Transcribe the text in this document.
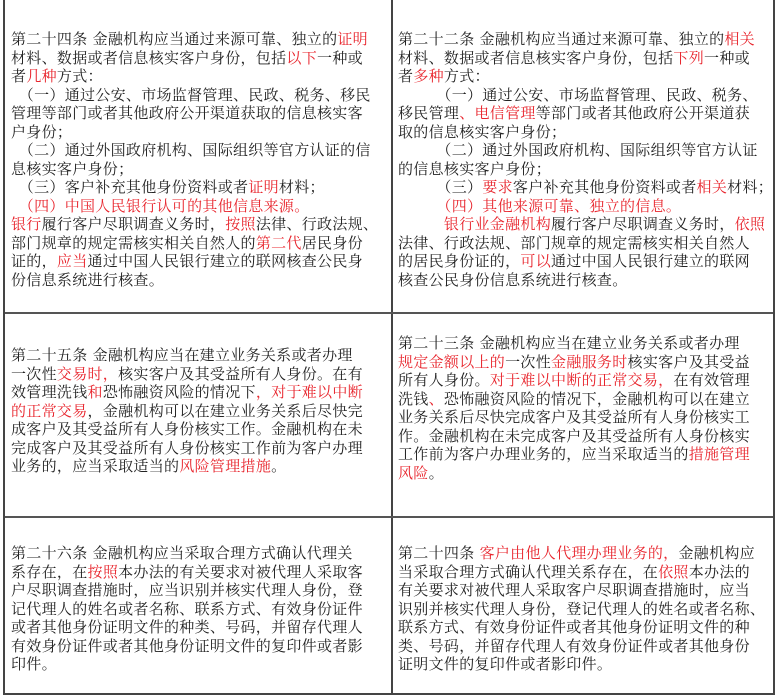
第二十四条 金融机构应当通过来源可靠、独立的证明
材料、数据或者信息核实客户身份，包括以下一种或
者几种方式：
　（一）通过公安、市场监督管理、民政、税务、移民
管理等部门或者其他政府公开渠道获取的信息核实客
户身份；
　（二）通过外国政府机构、国际组织等官方认证的信
息核实客户身份；
　（三）客户补充其他身份资料或者证明材料；
　（四）中国人民银行认可的其他信息来源。
银行履行客户尽职调查义务时，按照法律、行政法规、
部门规章的规定需核实相关自然人的第二代居民身份
证的，应当通过中国人民银行建立的联网核查公民身
份信息系统进行核查。
第二十二条 金融机构应当通过来源可靠、独立的相关
材料、数据或者信息核实客户身份，包括下列一种或
者多种方式：
　　　（一）通过公安、市场监督管理、民政、税务、
移民管理、电信管理等部门或者其他政府公开渠道获
取的信息核实客户身份；
　　　（二）通过外国政府机构、国际组织等官方认证
的信息核实客户身份；
　　　（三）要求客户补充其他身份资料或者相关材料；
　　　（四）其他来源可靠、独立的信息。
　　　银行业金融机构履行客户尽职调查义务时，依照
法律、行政法规、部门规章的规定需核实相关自然人
的居民身份证的，可以通过中国人民银行建立的联网
核查公民身份信息系统进行核查。
第二十五条 金融机构应当在建立业务关系或者办理
一次性交易时，核实客户及其受益所有人身份。在有
效管理洗钱和恐怖融资风险的情况下，对于难以中断
的正常交易，金融机构可以在建立业务关系后尽快完
成客户及其受益所有人身份核实工作。金融机构在未
完成客户及其受益所有人身份核实工作前为客户办理
业务的，应当采取适当的风险管理措施。
第二十三条 金融机构应当在建立业务关系或者办理
规定金额以上的一次性金融服务时核实客户及其受益
所有人身份。对于难以中断的正常交易，在有效管理
洗钱、恐怖融资风险的情况下，金融机构可以在建立
业务关系后尽快完成客户及其受益所有人身份核实工
作。金融机构在未完成客户及其受益所有人身份核实
工作前为客户办理业务的，应当采取适当的措施管理
风险。
第二十六条 金融机构应当采取合理方式确认代理关
系存在，在按照本办法的有关要求对被代理人采取客
户尽职调查措施时，应当识别并核实代理人身份，登
记代理人的姓名或者名称、联系方式、有效身份证件
或者其他身份证明文件的种类、号码，并留存代理人
有效身份证件或者其他身份证明文件的复印件或者影
印件。
第二十四条 客户由他人代理办理业务的，金融机构应
当采取合理方式确认代理关系存在，在依照本办法的
有关要求对被代理人采取客户尽职调查措施时，应当
识别并核实代理人身份，登记代理人的姓名或者名称、
联系方式、有效身份证件或者其他身份证明文件的种
类、号码，并留存代理人有效身份证件或者其他身份
证明文件的复印件或者影印件。
